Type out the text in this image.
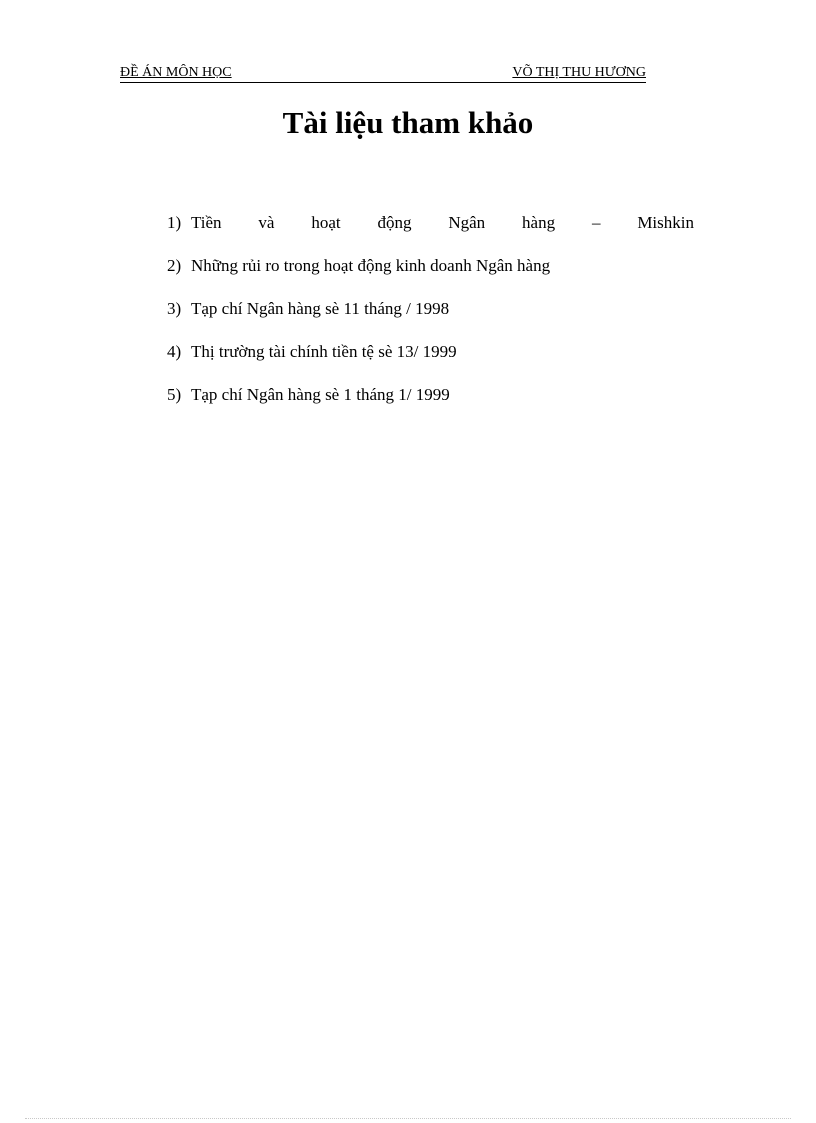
ĐỀ ÁN MÔN HỌC	VÕ THỊ THU HƯƠNG
Tài liệu tham khảo
1) Tiền và hoạt động Ngân hàng – Mishkin
2) Những rủi ro trong hoạt động kinh doanh Ngân hàng
3) Tạp chí Ngân hàng sè 11 tháng / 1998
4) Thị trường tài chính tiền tệ sè 13/ 1999
5) Tạp chí Ngân hàng sè 1 tháng 1/ 1999
